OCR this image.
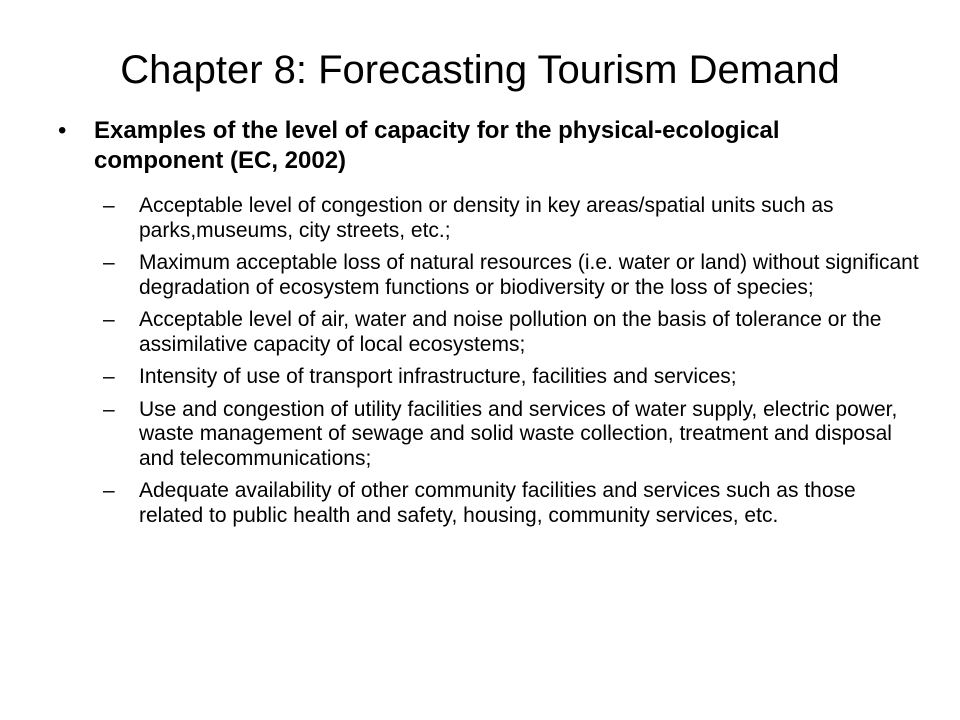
Chapter 8: Forecasting Tourism Demand
•	Examples of the level of capacity for the physical-ecological component (EC, 2002)
– Acceptable level of congestion or density in key areas/spatial units such as parks,museums, city streets, etc.;
– Maximum acceptable loss of natural resources (i.e. water or land) without significant degradation of ecosystem functions or biodiversity or the loss of species;
– Acceptable level of air, water and noise pollution on the basis of tolerance or the assimilative capacity of local ecosystems;
– Intensity of use of transport infrastructure, facilities and services;
– Use and congestion of utility facilities and services of water supply, electric power, waste management of sewage and solid waste collection, treatment and disposal and telecommunications;
– Adequate availability of other community facilities and services such as those related to public health and safety, housing, community services, etc.
